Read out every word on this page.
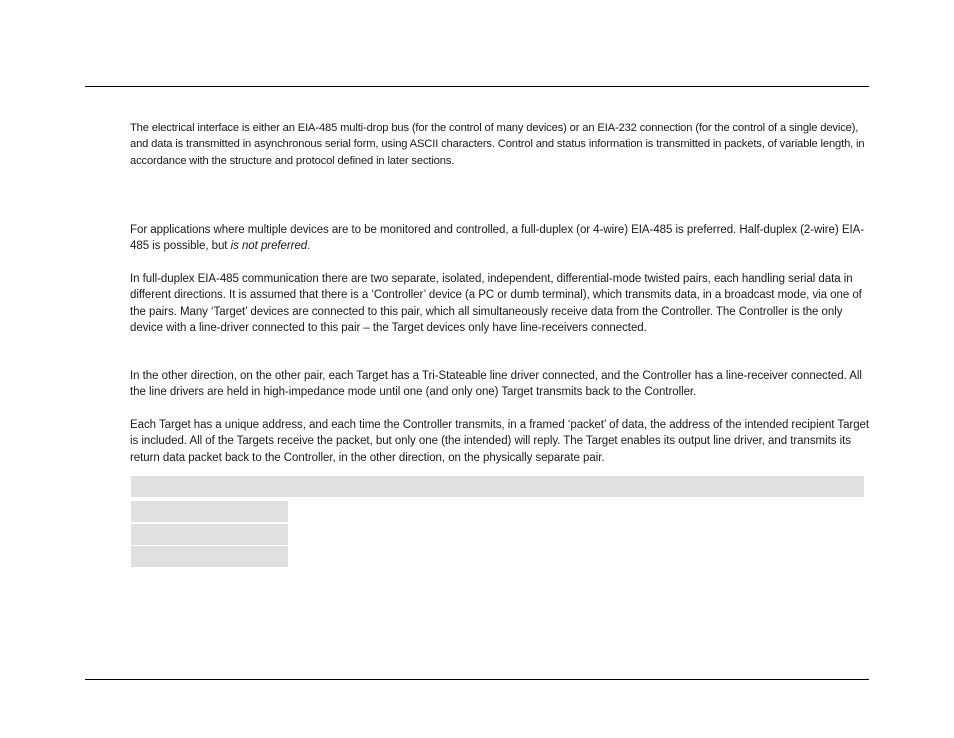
The electrical interface is either an EIA-485 multi-drop bus (for the control of many devices) or an EIA-232 connection (for the control of a single device), and data is transmitted in asynchronous serial form, using ASCII characters. Control and status information is transmitted in packets, of variable length, in accordance with the structure and protocol defined in later sections.

For applications where multiple devices are to be monitored and controlled, a full-duplex (or 4-wire) EIA-485 is preferred. Half-duplex (2-wire) EIA-485 is possible, but is not preferred.

In full-duplex EIA-485 communication there are two separate, isolated, independent, differential-mode twisted pairs, each handling serial data in different directions. It is assumed that there is a ‘Controller’ device (a PC or dumb terminal), which transmits data, in a broadcast mode, via one of the pairs. Many ‘Target’ devices are connected to this pair, which all simultaneously receive data from the Controller. The Controller is the only device with a line-driver connected to this pair – the Target devices only have line-receivers connected.

In the other direction, on the other pair, each Target has a Tri-Stateable line driver connected, and the Controller has a line-receiver connected. All the line drivers are held in high-impedance mode until one (and only one) Target transmits back to the Controller.

Each Target has a unique address, and each time the Controller transmits, in a framed ‘packet’ of data, the address of the intended recipient Target is included. All of the Targets receive the packet, but only one (the intended) will reply. The Target enables its output line driver, and transmits its return data packet back to the Controller, in the other direction, on the physically separate pair.
